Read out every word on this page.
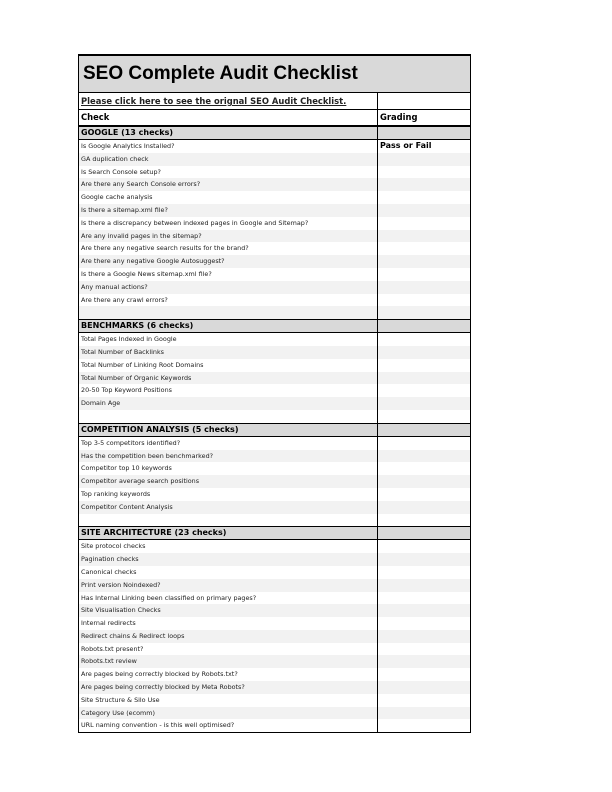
SEO Complete Audit Checklist
Please click here to see the orignal SEO Audit Checklist.
Check	Grading
GOOGLE (13 checks)
Is Google Analytics Installed?	Pass or Fail
GA duplication check
Is Search Console setup?
Are there any Search Console errors?
Google cache analysis
Is there a sitemap.xml file?
Is there a discrepancy between indexed pages in Google and Sitemap?
Are any invalid pages in the sitemap?
Are there any negative search results for the brand?
Are there any negative Google Autosuggest?
Is there a Google News sitemap.xml file?
Any manual actions?
Are there any crawl errors?
BENCHMARKS (6 checks)
Total Pages Indexed in Google
Total Number of Backlinks
Total Number of Linking Root Domains
Total Number of Organic Keywords
20-50 Top Keyword Positions
Domain Age
COMPETITION ANALYSIS (5 checks)
Top 3-5 competitors identified?
Has the competition been benchmarked?
Competitor top 10 keywords
Competitor average search positions
Top ranking keywords
Competitor Content Analysis
SITE ARCHITECTURE (23 checks)
Site protocol checks
Pagination checks
Canonical checks
Print version Noindexed?
Has Internal Linking been classified on primary pages?
Site Visualisation Checks
Internal redirects
Redirect chains & Redirect loops
Robots.txt present?
Robots.txt review
Are pages being correctly blocked by Robots.txt?
Are pages being correctly blocked by Meta Robots?
Site Structure & Silo Use
Category Use (ecomm)
URL naming convention - is this well optimised?
